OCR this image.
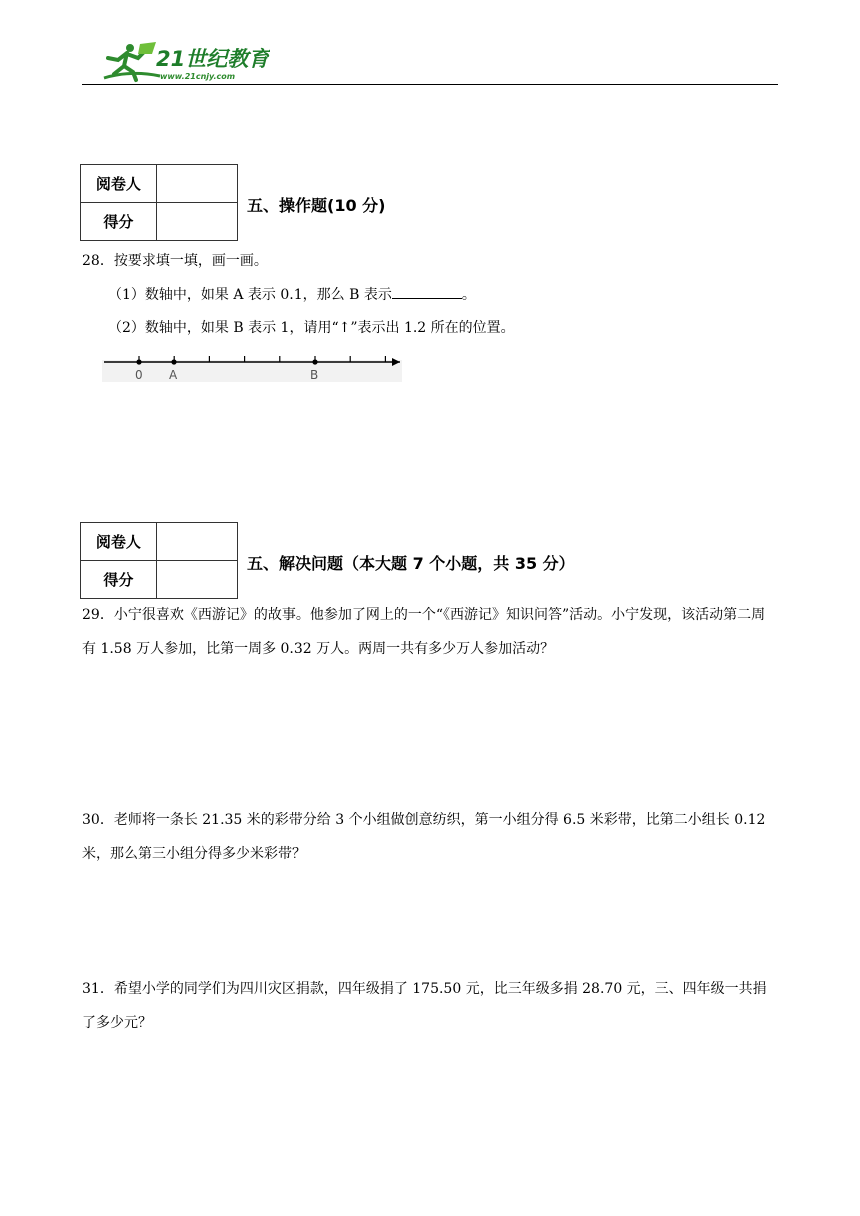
21世纪教育
www.21cnjy.com
阅卷人	
得分	
五、操作题(10 分)
28．按要求填一填，画一画。
（1）数轴中，如果 A 表示 0.1，那么 B 表示	。
（2）数轴中，如果 B 表示 1，请用“↑”表示出 1.2 所在的位置。
0 A	B
阅卷人	
得分	
五、解决问题（本大题 7 个小题，共 35 分）
29．小宁很喜欢《西游记》的故事。他参加了网上的一个“《西游记》知识问答”活动。小宁发现，该活动第二周有 1.58 万人参加，比第一周多 0.32 万人。两周一共有多少万人参加活动？
30．老师将一条长 21.35 米的彩带分给 3 个小组做创意纺织，第一小组分得 6.5 米彩带，比第二小组长 0.12 米，那么第三小组分得多少米彩带？
31．希望小学的同学们为四川灾区捐款，四年级捐了 175.50 元，比三年级多捐 28.70 元，三、四年级一共捐了多少元？
